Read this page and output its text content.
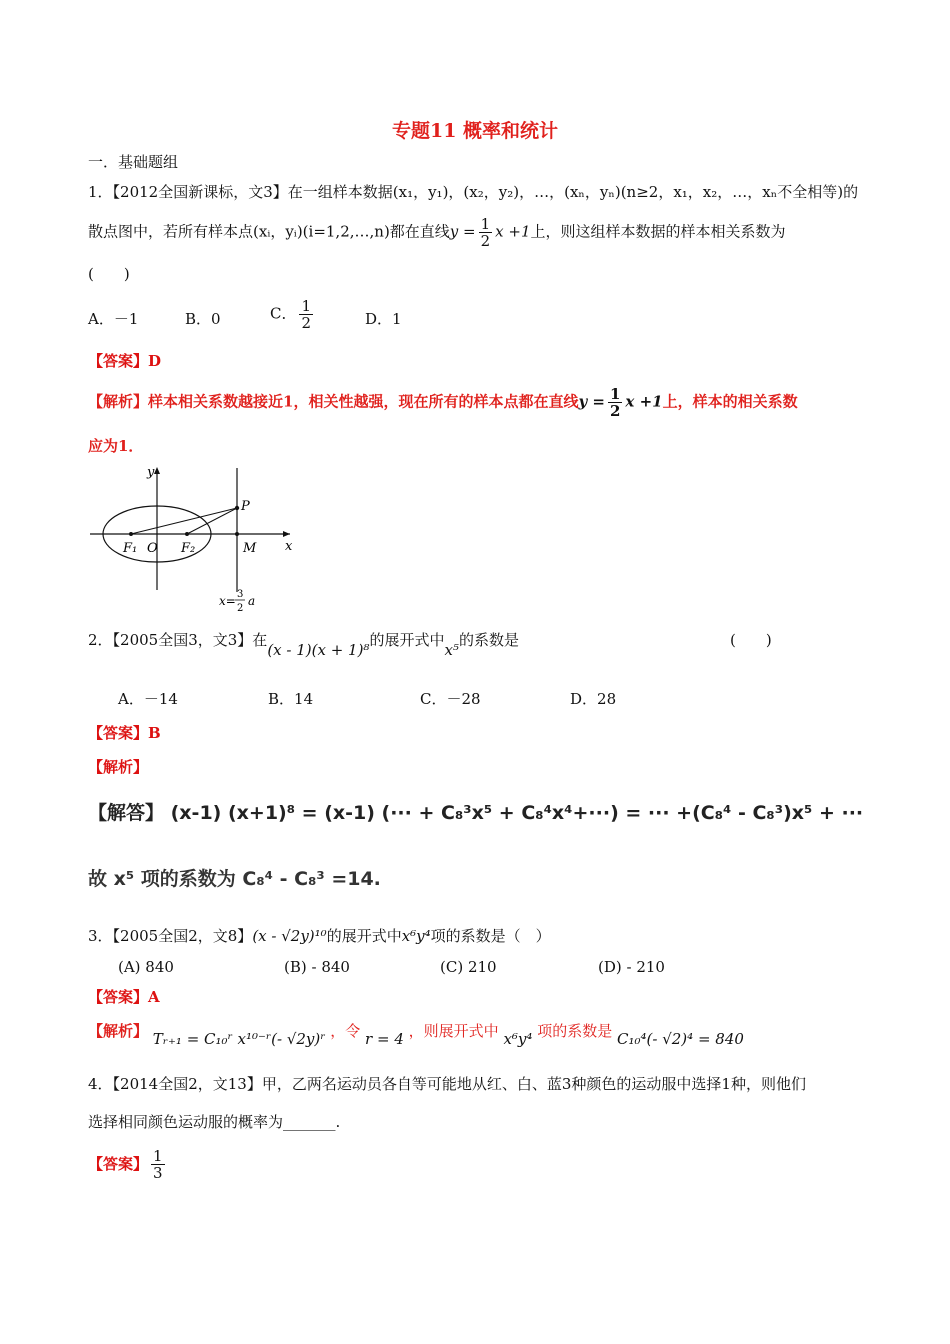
专题11 概率和统计
一．基础题组
1．【2012全国新课标，文3】在一组样本数据(x₁，y₁)，(x₂，y₂)，…，(xₙ，yₙ)(n≥2，x₁，x₂，…，xₙ不全相等)的
散点图中，若所有样本点(xᵢ，yᵢ)(i=1,2,…,n)都在直线$y = \frac{1}{2}$ x +1上，则这组样本数据的样本相关系数为
(　　)
A．－1	B．0	C． $\frac{1}{2}$	D．1
【答案】D
【解析】样本相关系数越接近1，相关性越强，现在所有的样本点都在直线$y = \frac{1}{2}$ x +1上，样本的相关系数
应为1．
y
x
P
F₁ O F₂	M
x= 3
2
a
2．【2005全国3，文3】在(x - 1)(x + 1)⁸的展开式中x⁵的系数是	(　　)
A．－14	B．14	C．－28	D．28
【答案】B
【解析】
【解答】 (x-1) (x+1)⁸ = (x-1) (··· + C₈³x⁵ + C₈⁴x⁴+···) = ··· +(C₈⁴ - C₈³)x⁵ + ···
故 x⁵ 项的系数为 C₈⁴ - C₈³ =14.
3．【2005全国2，文8】(x - √2y)¹⁰的展开式中x⁶y⁴项的系数是（　）
(A) 840	(B) - 840	(C) 210	(D) - 210
【答案】A
【解析】 Tᵣ₊₁ = C₁₀ʳ x¹⁰⁻ʳ(- √2y)ʳ ，令 r = 4 ，则展开式中 x⁶y⁴ 项的系数是 C₁₀⁴(- √2)⁴ = 840
4．【2014全国2，文13】甲，乙两名运动员各自等可能地从红、白、蓝3种颜色的运动服中选择1种，则他们
选择相同颜色运动服的概率为_______.
【答案】 $\frac{1}{3}$
